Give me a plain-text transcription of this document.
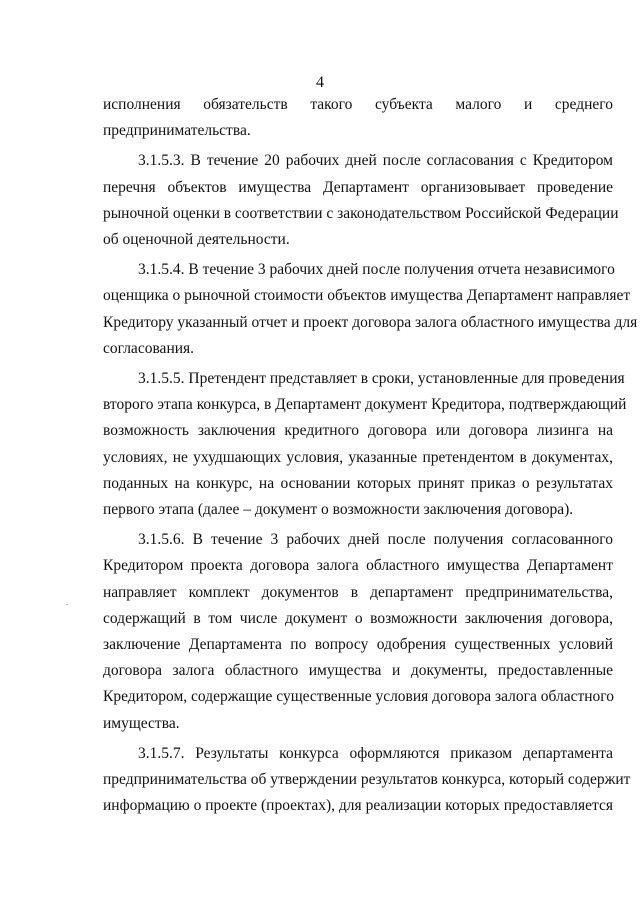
4
исполнения обязательств такого субъекта малого и среднего
предпринимательства.
3.1.5.3. В течение 20 рабочих дней после согласования с Кредитором
перечня объектов имущества Департамент организовывает проведение
рыночной оценки в соответствии с законодательством Российской Федерации
об оценочной деятельности.
3.1.5.4. В течение 3 рабочих дней после получения отчета независимого
оценщика о рыночной стоимости объектов имущества Департамент направляет
Кредитору указанный отчет и проект договора залога областного имущества для
согласования.
3.1.5.5. Претендент представляет в сроки, установленные для проведения
второго этапа конкурса, в Департамент документ Кредитора, подтверждающий
возможность заключения кредитного договора или договора лизинга на
условиях, не ухудшающих условия, указанные претендентом в документах,
поданных на конкурс, на основании которых принят приказ о результатах
первого этапа (далее – документ о возможности заключения договора).
3.1.5.6. В течение 3 рабочих дней после получения согласованного
Кредитором проекта договора залога областного имущества Департамент
направляет комплект документов в департамент предпринимательства,
содержащий в том числе документ о возможности заключения договора,
заключение Департамента по вопросу одобрения существенных условий
договора залога областного имущества и документы, предоставленные
Кредитором, содержащие существенные условия договора залога областного
имущества.
3.1.5.7. Результаты конкурса оформляются приказом департамента
предпринимательства об утверждении результатов конкурса, который содержит
информацию о проекте (проектах), для реализации которых предоставляется
